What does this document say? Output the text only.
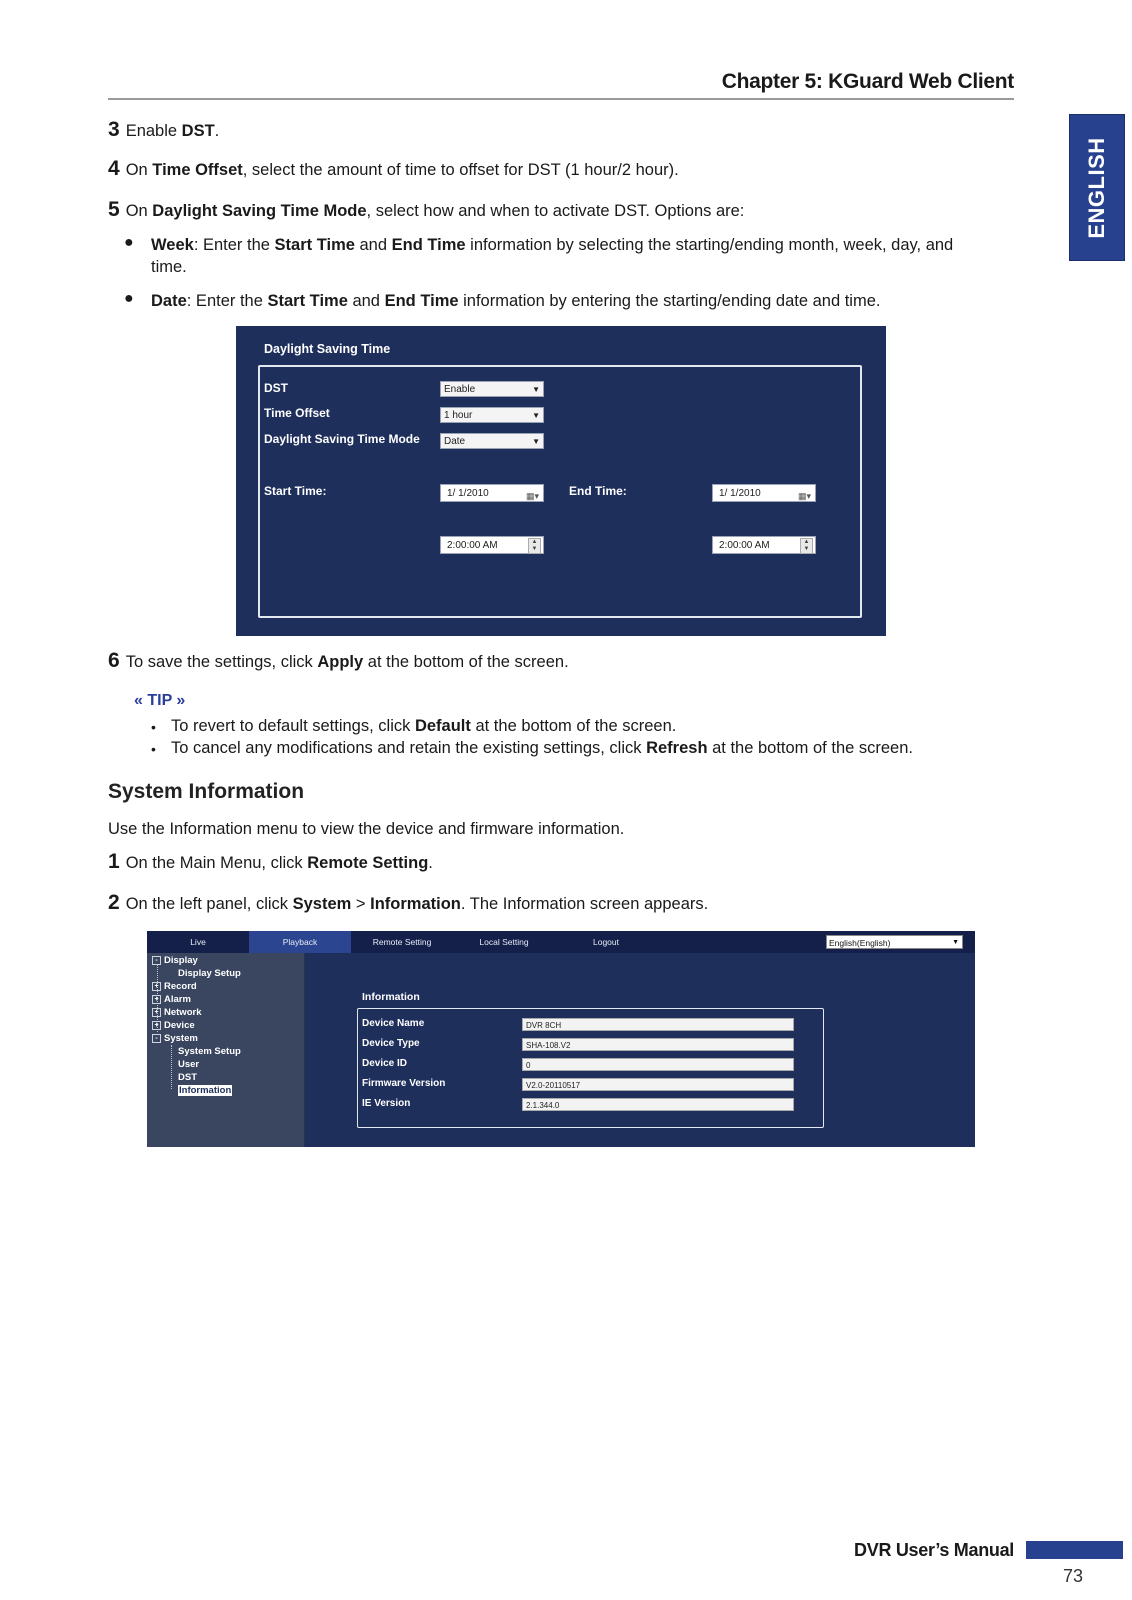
Chapter 5: KGuard Web Client
ENGLISH
3 Enable DST.
4 On Time Offset, select the amount of time to offset for DST (1 hour/2 hour).
5 On Daylight Saving Time Mode, select how and when to activate DST. Options are:
● Week: Enter the Start Time and End Time information by selecting the starting/ending month, week, day, and
time.
● Date: Enter the Start Time and End Time information by entering the starting/ending date and time.
Daylight Saving Time
DST	Enable	▼
Time Offset	1 hour	▼
Daylight Saving Time Mode	Date	▼
Start Time:	1/ 1/2010	▦▾
2:00:00 AM	▲
▼
End Time:	1/ 1/2010	▦▾
2:00:00 AM	▲
▼
6 To save the settings, click Apply at the bottom of the screen.
« TIP »
• To revert to default settings, click Default at the bottom of the screen.
• To cancel any modifications and retain the existing settings, click Refresh at the bottom of the screen.
System Information
Use the Information menu to view the device and firmware information.
1 On the Main Menu, click Remote Setting.
2 On the left panel, click System > Information. The Information screen appears.
Live	Playback	Remote Setting	Local Setting	Logout	English(English)	▼
- Display
Display Setup
+ Record
+ Alarm
+ Network
+ Device
- System
System Setup
User
DST
Information
Information
Device Name	DVR 8CH
Device Type	SHA-108.V2
Device ID	0
Firmware Version	V2.0-20110517
IE Version	2.1.344.0
DVR User’s Manual
73
